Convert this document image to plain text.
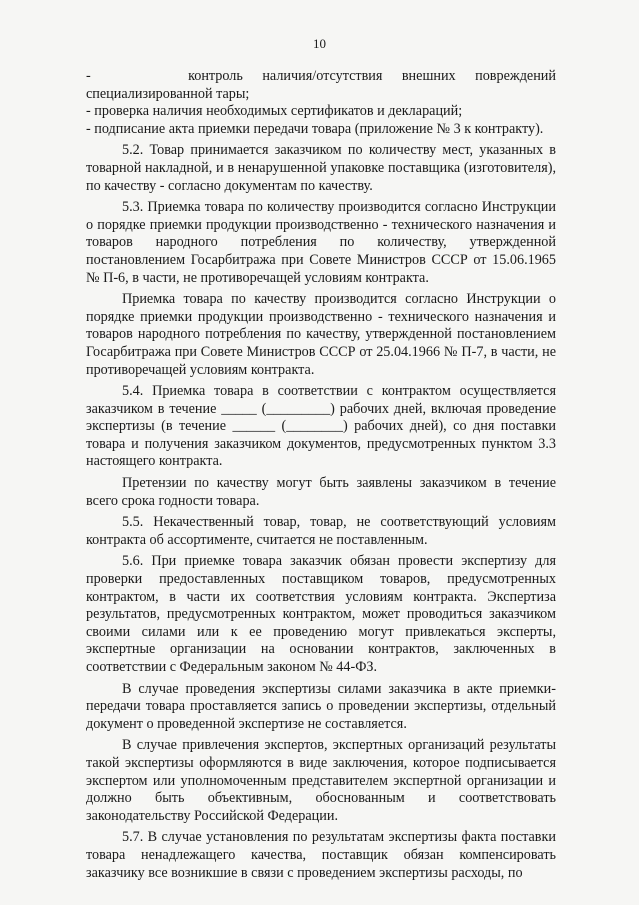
10

-     контроль наличия/отсутствия внешних повреждений специализированной тары;

- проверка наличия необходимых сертификатов и деклараций;

- подписание акта приемки передачи товара (приложение № 3 к контракту).

5.2. Товар принимается заказчиком по количеству мест, указанных в товарной накладной, и в ненарушенной упаковке поставщика (изготовителя), по качеству - согласно документам по качеству.

5.3. Приемка товара по количеству производится согласно Инструкции о порядке приемки продукции производственно - технического назначения и товаров народного потребления по количеству, утвержденной постановлением Госарбитража при Совете Министров СССР от 15.06.1965 № П-6, в части, не противоречащей условиям контракта.

Приемка товара по качеству производится согласно Инструкции о порядке приемки продукции производственно - технического назначения и товаров народного потребления по качеству, утвержденной постановлением Госарбитража при Совете Министров СССР от 25.04.1966 № П-7, в части, не противоречащей условиям контракта.

5.4. Приемка товара в соответствии с контрактом осуществляется заказчиком в течение _____ (_________) рабочих дней, включая проведение экспертизы (в течение ______ (________) рабочих дней), со дня поставки товара и получения заказчиком документов, предусмотренных пунктом 3.3 настоящего контракта.

Претензии по качеству могут быть заявлены заказчиком в течение всего срока годности товара.

5.5. Некачественный товар, товар, не соответствующий условиям контракта об ассортименте, считается не поставленным.

5.6. При приемке товара заказчик обязан провести экспертизу для проверки предоставленных поставщиком товаров, предусмотренных контрактом, в части их соответствия условиям контракта. Экспертиза результатов, предусмотренных контрактом, может проводиться заказчиком своими силами или к ее проведению могут привлекаться эксперты, экспертные организации на основании контрактов, заключенных в соответствии с Федеральным законом № 44-ФЗ.

В случае проведения экспертизы силами заказчика в акте приемки-передачи товара проставляется запись о проведении экспертизы, отдельный документ о проведенной экспертизе не составляется.

В случае привлечения экспертов, экспертных организаций результаты такой экспертизы оформляются в виде заключения, которое подписывается экспертом или уполномоченным представителем экспертной организации и должно быть объективным, обоснованным и соответствовать законодательству Российской Федерации.

5.7. В случае установления по результатам экспертизы факта поставки товара ненадлежащего качества, поставщик обязан компенсировать заказчику все возникшие в связи с проведением экспертизы расходы, по
